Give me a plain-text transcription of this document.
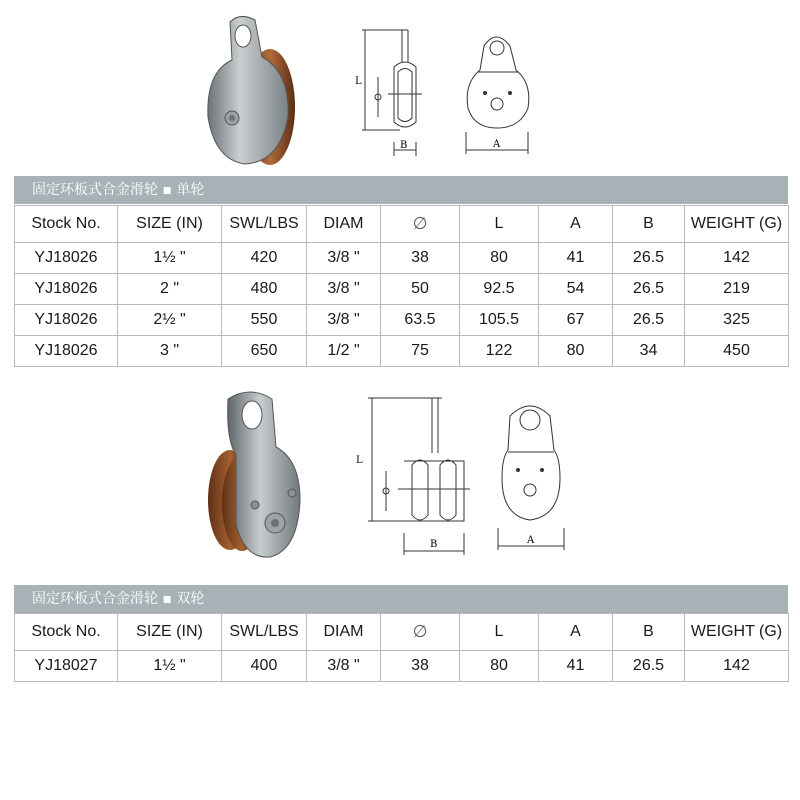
L
B	A
固定环板式合金滑轮 ▪ 单轮
Stock No.	SIZE (IN)	SWL/LBS	DIAM	∅	L	A	B	WEIGHT (G)
YJ18026	1½ "	420	3/8 "	38	80	41	26.5	142
YJ18026	2 "	480	3/8 "	50	92.5	54	26.5	219
YJ18026	2½ "	550	3/8 "	63.5	105.5	67	26.5	325
YJ18026	3 "	650	1/2 "	75	122	80	34	450
L
B	A
固定环板式合金滑轮 ▪ 双轮
Stock No.	SIZE (IN)	SWL/LBS	DIAM	∅	L	A	B	WEIGHT (G)
YJ18027	1½ "	400	3/8 "	38	80	41	26.5	142
